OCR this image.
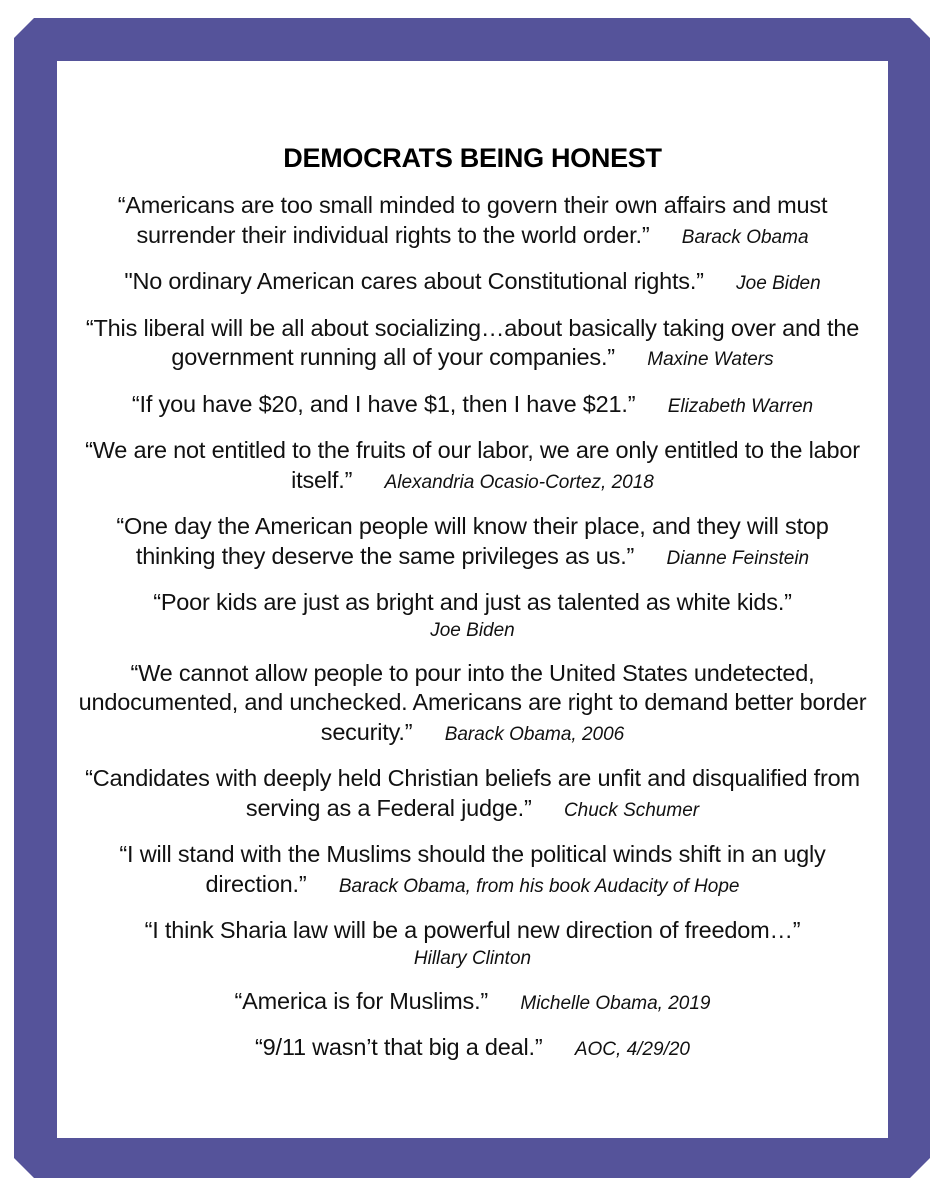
DEMOCRATS BEING HONEST

“Americans are too small minded to govern their own affairs and must surrender their individual rights to the world order.” Barack Obama

"No ordinary American cares about Constitutional rights.” Joe Biden

“This liberal will be all about socializing…about basically taking over and the government running all of your companies.” Maxine Waters

“If you have $20, and I have $1, then I have $21.” Elizabeth Warren

“We are not entitled to the fruits of our labor, we are only entitled to the labor itself.” Alexandria Ocasio-Cortez, 2018

“One day the American people will know their place, and they will stop thinking they deserve the same privileges as us.” Dianne Feinstein

“Poor kids are just as bright and just as talented as white kids.”
Joe Biden

“We cannot allow people to pour into the United States undetected, undocumented, and unchecked. Americans are right to demand better border security.” Barack Obama, 2006

“Candidates with deeply held Christian beliefs are unfit and disqualified from serving as a Federal judge.” Chuck Schumer

“I will stand with the Muslims should the political winds shift in an ugly direction.” Barack Obama, from his book Audacity of Hope

“I think Sharia law will be a powerful new direction of freedom…”
Hillary Clinton

“America is for Muslims.” Michelle Obama, 2019

“9/11 wasn’t that big a deal.” AOC, 4/29/20
